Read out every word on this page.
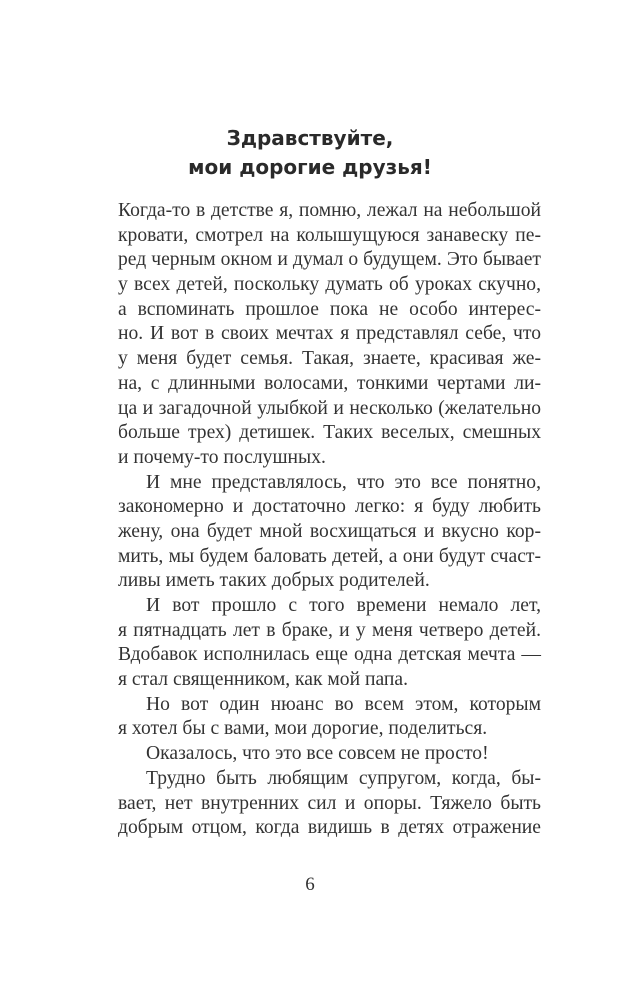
Здравствуйте,
мои дорогие друзья!
Когда-то в детстве я, помню, лежал на небольшой
кровати, смотрел на колышущуюся занавеску пе-
ред черным окном и думал о будущем. Это бывает
у всех детей, поскольку думать об уроках скучно,
а вспоминать прошлое пока не особо интерес-
но. И вот в своих мечтах я представлял себе, что
у меня будет семья. Такая, знаете, красивая же-
на, с длинными волосами, тонкими чертами ли-
ца и загадочной улыбкой и несколько (желательно
больше трех) детишек. Таких веселых, смешных
и почему-то послушных.
И мне представлялось, что это все понятно,
закономерно и достаточно легко: я буду любить
жену, она будет мной восхищаться и вкусно кор-
мить, мы будем баловать детей, а они будут счаст-
ливы иметь таких добрых родителей.
И вот прошло с того времени немало лет,
я пятнадцать лет в браке, и у меня четверо детей.
Вдобавок исполнилась еще одна детская мечта —
я стал священником, как мой папа.
Но вот один нюанс во всем этом, которым
я хотел бы с вами, мои дорогие, поделиться.
Оказалось, что это все совсем не просто!
Трудно быть любящим супругом, когда, бы-
вает, нет внутренних сил и опоры. Тяжело быть
добрым отцом, когда видишь в детях отражение
6
